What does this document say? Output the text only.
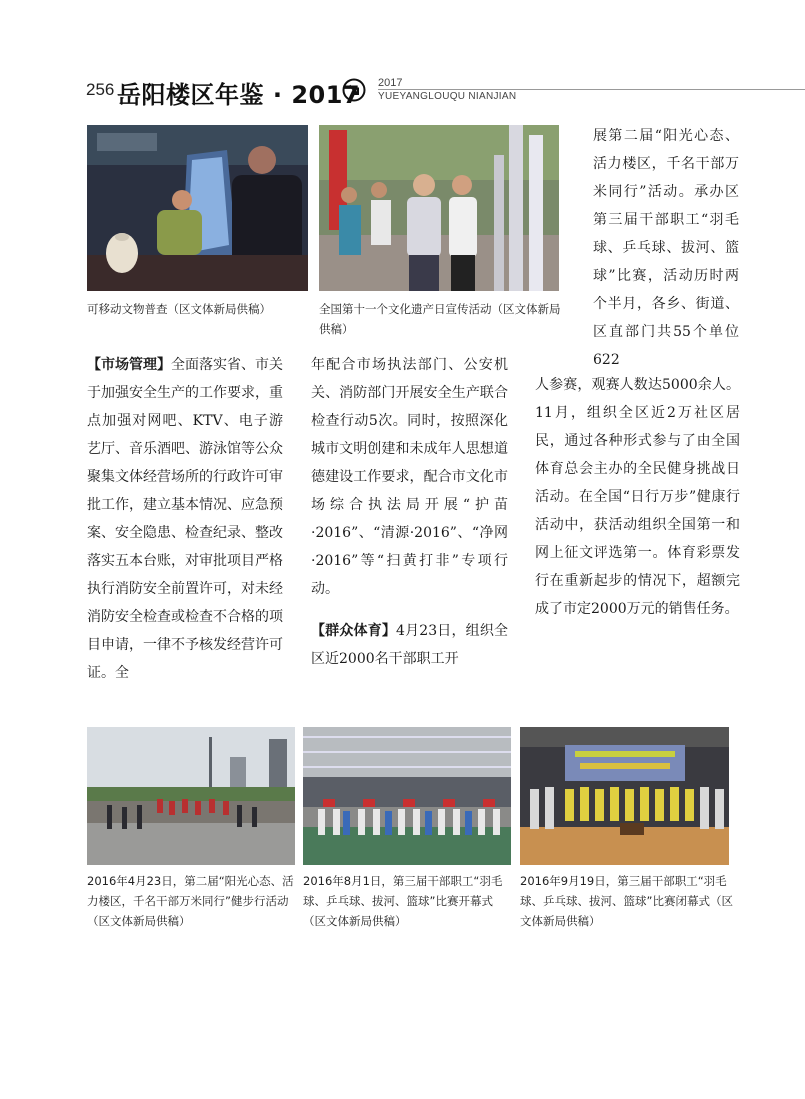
256 岳阳楼区年鉴 · 2017 2017
YUEYANGLOUQU NIANJIAN

可移动文物普查（区文体新局供稿）	全国第十一个文化遗产日宣传活动（区文体新局供稿）

展第二届“阳光心态、活力楼区，千名干部万米同行”活动。承办区第三届干部职工“羽毛球、乒乓球、拔河、篮球”比赛，活动历时两个半月，各乡、街道、区直部门共55个单位622

【市场管理】全面落实省、市关于加强安全生产的工作要求，重点加强对网吧、KTV、电子游艺厅、音乐酒吧、游泳馆等公众聚集文体经营场所的行政许可审批工作，建立基本情况、应急预案、安全隐患、检查纪录、整改落实五本台账，对审批项目严格执行消防安全前置许可，对未经消防安全检查或检查不合格的项目申请，一律不予核发经营许可证。全

年配合市场执法部门、公安机关、消防部门开展安全生产联合检查行动5次。同时，按照深化城市文明创建和未成年人思想道德建设工作要求，配合市文化市场综合执法局开展“护苗·2016”、“清源·2016”、“净网·2016”等“扫黄打非”专项行动。

【群众体育】4月23日，组织全区近2000名干部职工开

人参赛，观赛人数达5000余人。11月，组织全区近2万社区居民，通过各种形式参与了由全国体育总会主办的全民健身挑战日活动。在全国“日行万步”健康行活动中，获活动组织全国第一和网上征文评选第一。体育彩票发行在重新起步的情况下，超额完成了市定2000万元的销售任务。

2016年4月23日，第二届“阳光心态、活力楼区，千名干部万米同行”健步行活动（区文体新局供稿）

2016年8月1日，第三届干部职工“羽毛球、乒乓球、拔河、篮球”比赛开幕式（区文体新局供稿）

2016年9月19日，第三届干部职工“羽毛球、乒乓球、拔河、篮球”比赛闭幕式（区文体新局供稿）
